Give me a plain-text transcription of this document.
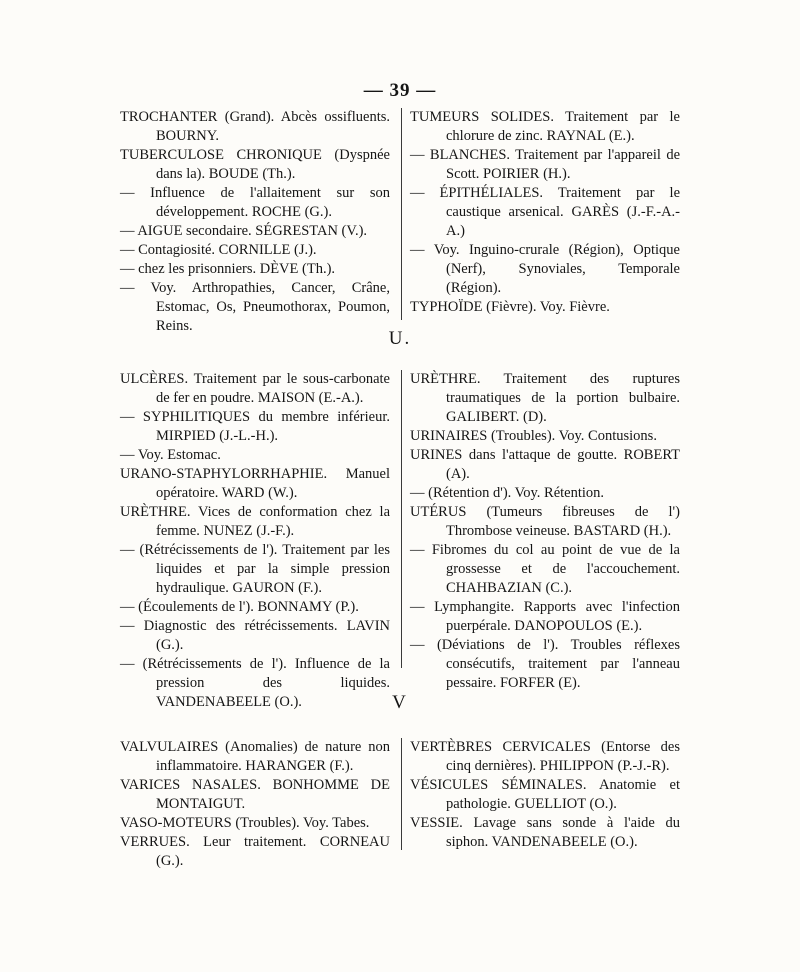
— 39 —

TROCHANTER (Grand). Abcès ossifluents. BOURNY.

TUBERCULOSE CHRONIQUE (Dyspnée dans la). BOUDE (Th.).

— Influence de l'allaitement sur son développement. ROCHE (G.).

— AIGUE secondaire. SÉGRESTAN (V.).

— Contagiosité. CORNILLE (J.).

— chez les prisonniers. DÈVE (Th.).

— Voy. Arthropathies, Cancer, Crâne, Estomac, Os, Pneumothorax, Poumon, Reins.

TUMEURS SOLIDES. Traitement par le chlorure de zinc. RAYNAL (E.).

— BLANCHES. Traitement par l'appareil de Scott. POIRIER (H.).

— ÉPITHÉLIALES. Traitement par le caustique arsenical. GARÈS (J.-F.-A.-A.)

— Voy. Inguino-crurale (Région), Optique (Nerf), Synoviales, Temporale (Région).

TYPHOÏDE (Fièvre). Voy. Fièvre.

U.

ULCÈRES. Traitement par le sous-carbonate de fer en poudre. MAISON (E.-A.).

— SYPHILITIQUES du membre inférieur. MIRPIED (J.-L.-H.).

— Voy. Estomac.

URANO-STAPHYLORRHAPHIE. Manuel opératoire. WARD (W.).

URÈTHRE. Vices de conformation chez la femme. NUNEZ (J.-F.).

— (Rétrécissements de l'). Traitement par les liquides et par la simple pression hydraulique. GAURON (F.).

— (Écoulements de l'). BONNAMY (P.).

— Diagnostic des rétrécissements. LAVIN (G.).

— (Rétrécissements de l'). Influence de la pression des liquides. VANDENABEELE (O.).

URÈTHRE. Traitement des ruptures traumatiques de la portion bulbaire. GALIBERT. (D).

URINAIRES (Troubles). Voy. Contusions.

URINES dans l'attaque de goutte. ROBERT (A).

— (Rétention d'). Voy. Rétention.

UTÉRUS (Tumeurs fibreuses de l') Thrombose veineuse. BASTARD (H.).

— Fibromes du col au point de vue de la grossesse et de l'accouchement. CHAHBAZIAN (C.).

— Lymphangite. Rapports avec l'infection puerpérale. DANOPOULOS (E.).

— (Déviations de l'). Troubles réflexes consécutifs, traitement par l'anneau pessaire. FORFER (E).

V

VALVULAIRES (Anomalies) de nature non inflammatoire. HARANGER (F.).

VARICES NASALES. BONHOMME DE MONTAIGUT.

VASO-MOTEURS (Troubles). Voy. Tabes.

VERRUES. Leur traitement. CORNEAU (G.).

VERTÈBRES CERVICALES (Entorse des cinq dernières). PHILIPPON (P.-J.-R).

VÉSICULES SÉMINALES. Anatomie et pathologie. GUELLIOT (O.).

VESSIE. Lavage sans sonde à l'aide du siphon. VANDENABEELE (O.).
